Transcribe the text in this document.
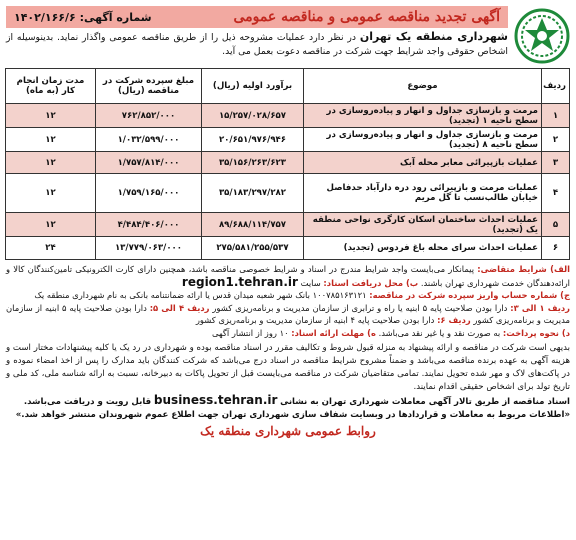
آگهی تجدید مناقصه عمومی و مناقصه عمومی
شماره آگهی: ۱۴۰۲/۱۶۶/۶
شهرداری منطقه یک تهران در نظر دارد عملیات مشروحه ذیل را از طریق مناقصه عمومی واگذار نماید. بدینوسیله از اشخاص حقوقی واجد شرایط جهت شرکت در مناقصه دعوت بعمل می آید.
ردیف	موضوع	برآورد اولیه (ریال)	مبلغ سپرده شرکت در مناقصه (ریال)	مدت زمان انجام کار (به ماه)
۱	مرمت و بازسازی جداول و انهار و پیاده‌روسازی در سطح ناحیه ۱ (تجدید)	۱۵/۲۵۷/۰۲۸/۶۵۷	۷۶۲/۸۵۲/۰۰۰	۱۲
۲	مرمت و بازسازی جداول و انهار و پیاده‌روسازی در سطح ناحیه ۸ (تجدید)	۲۰/۶۵۱/۹۷۶/۹۴۶	۱/۰۳۲/۵۹۹/۰۰۰	۱۲
۳	عملیات بازپیرائی معابر محله آبک	۳۵/۱۵۶/۲۶۳/۶۲۳	۱/۷۵۷/۸۱۴/۰۰۰	۱۲
۴	عملیات مرمت و بازپیرائی رود دره دارآباد حدفاصل خیابان طالب‌نسب تا گل مریم	۳۵/۱۸۳/۲۹۷/۲۸۲	۱/۷۵۹/۱۶۵/۰۰۰	۱۲
۵	عملیات احداث ساختمان اسکان کارگری نواحی منطقه یک (تجدید)	۸۹/۶۸۸/۱۱۴/۷۵۷	۴/۴۸۴/۴۰۶/۰۰۰	۱۲
۶	عملیات احداث سرای محله باغ فردوس (تجدید)	۲۷۵/۵۸۱/۲۵۵/۵۳۷	۱۳/۷۷۹/۰۶۳/۰۰۰	۲۴
الف) شرایط متقاضی: پیمانکار می‌بایست واجد شرایط مندرج در اسناد و شرایط خصوصی مناقصه باشد، همچنین دارای کارت الکترونیکی تامین‌کنندگان کالا و ارائه‌دهندگان خدمت شهرداری تهران باشند. ب) محل دریافت اسناد: سایت region1.tehran.ir
ج) شماره حساب واریز سپرده شرکت در مناقصه: ۱۰۰۷۸۵۱۶۳۱۲۱ بانک شهر شعبه میدان قدس یا ارائه ضمانتنامه بانکی به نام شهرداری منطقه یک
ردیف ۱ الی ۳: دارا بودن صلاحیت پایه ۵ ابنیه یا راه و ترابری از سازمان مدیریت و برنامه‌ریزی کشور ردیف ۴ الی ۵: دارا بودن صلاحیت پایه ۵ ابنیه از سازمان مدیریت و برنامه‌ریزی کشور ردیف ۶: دارا بودن صلاحیت پایه ۴ ابنیه از سازمان مدیریت و برنامه‌ریزی کشور
د) نحوه پرداخت: به صورت نقد و یا غیر نقد می‌باشد. ه) مهلت ارائه اسناد: ۱۰ روز از انتشار آگهی
بدیهی است شرکت در مناقصه و ارائه پیشنهاد به منزله قبول شروط و تکالیف مقرر در اسناد مناقصه بوده و شهرداری در رد یک یا کلیه پیشنهادات مختار است و هزینه آگهی به عهده برنده مناقصه می‌باشد و ضمناً مشروح شرایط مناقصه در اسناد درج می‌باشد که شرکت کنندگان باید مدارک را پس از اخذ امضاء نموده و در پاکت‌های لاک و مهر شده تحویل نمایند. تمامی متقاضیان شرکت در مناقصه می‌بایست قبل از تحویل پاکات به دبیرخانه، نسبت به ارائه شناسه ملی، کد ملی و تاریخ تولد برای اشخاص حقیقی اقدام نمایند.
اسناد مناقصه از طریق تالار آگهی معاملات شهرداری تهران به نشانی business.tehran.ir قابل رویت و دریافت می‌باشد.
«اطلاعات مربوط به معاملات و قراردادها در وبسایت شفاف سازی شهرداری تهران جهت اطلاع عموم شهروندان منتشر خواهد شد.»
روابط عمومی شهرداری منطقه یک
